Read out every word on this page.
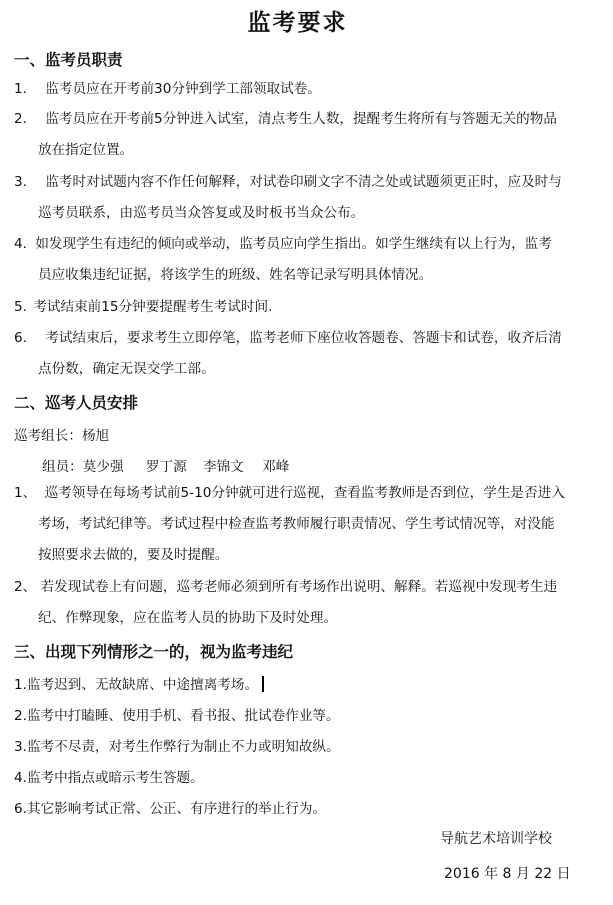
监考要求
一、监考员职责
1. 监考员应在开考前30分钟到学工部领取试卷。
2. 监考员应在开考前5分钟进入试室，清点考生人数，提醒考生将所有与答题无关的物品
放在指定位置。
3. 监考时对试题内容不作任何解释，对试卷印刷文字不清之处或试题须更正时，应及时与
巡考员联系，由巡考员当众答复或及时板书当众公布。
4. 如发现学生有违纪的倾向或举动，监考员应向学生指出。如学生继续有以上行为，监考
员应收集违纪证据，将该学生的班级、姓名等记录写明具体情况。
5. 考试结束前15分钟要提醒考生考试时间.
6. 考试结束后，要求考生立即停笔，监考老师下座位收答题卷、答题卡和试卷，收齐后清
点份数，确定无误交学工部。
二、巡考人员安排
巡考组长：杨旭
组员：莫少强 罗丁源 李锦文 邓峰
1、 巡考领导在每场考试前5-10分钟就可进行巡视，查看监考教师是否到位，学生是否进入
考场，考试纪律等。考试过程中检查监考教师履行职责情况、学生考试情况等，对没能
按照要求去做的，要及时提醒。
2、 若发现试卷上有问题，巡考老师必须到所有考场作出说明、解释。若巡视中发现考生违
纪、作弊现象，应在监考人员的协助下及时处理。
三、出现下列情形之一的，视为监考违纪
1.监考迟到、无故缺席、中途擅离考场。
2.监考中打瞌睡、使用手机、看书报、批试卷作业等。
3.监考不尽责，对考生作弊行为制止不力或明知故纵。
4.监考中指点或暗示考生答题。
6.其它影响考试正常、公正、有序进行的举止行为。
导航艺术培训学校
2016 年 8 月 22 日
